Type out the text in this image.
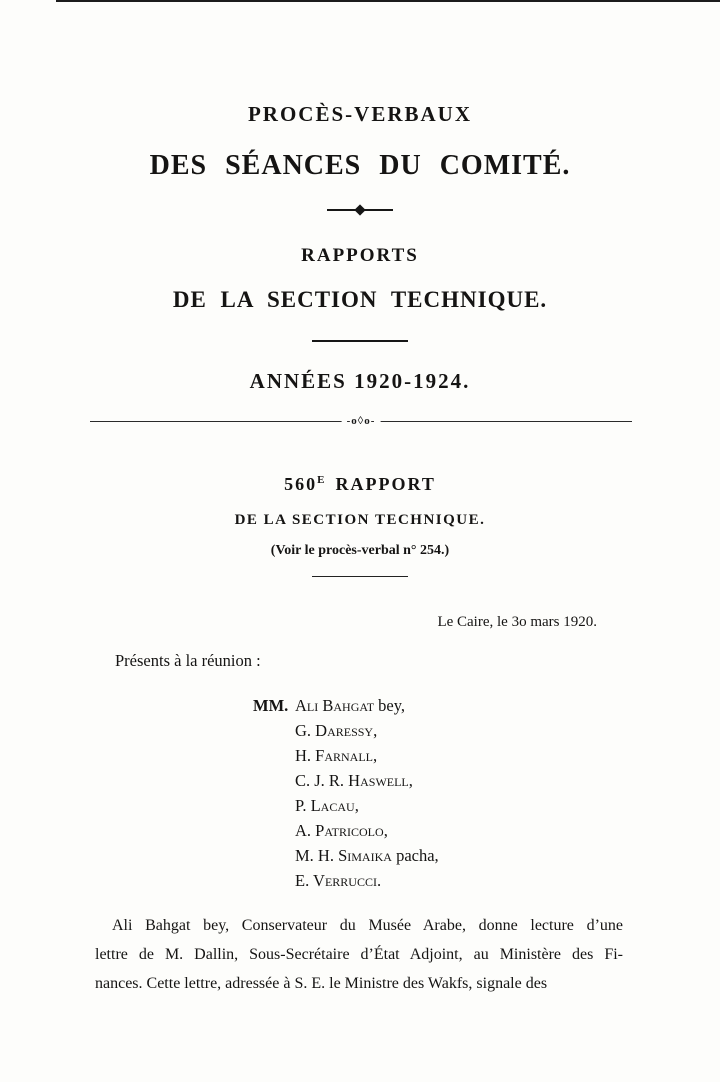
PROCÈS-VERBAUX
DES SÉANCES DU COMITÉ.
RAPPORTS
DE LA SECTION TECHNIQUE.
ANNÉES 1920-1924.
-o◊o-
$560^E$ RAPPORT
DE LA SECTION TECHNIQUE.
(Voir le procès-verbal n° 254.)
Le Caire, le 3o mars 1920.
Présents à la réunion :
MM. Ali Bahgat bey,
G. Daressy,
H. Farnall,
C. J. R. Haswell,
P. Lacau,
A. Patricolo,
M. H. Simaika pacha,
E. Verrucci.
Ali Bahgat bey, Conservateur du Musée Arabe, donne lecture d’une
lettre de M. Dallin, Sous-Secrétaire d’État Adjoint, au Ministère des Fi-
nances. Cette lettre, adressée à S. E. le Ministre des Wakfs, signale des
